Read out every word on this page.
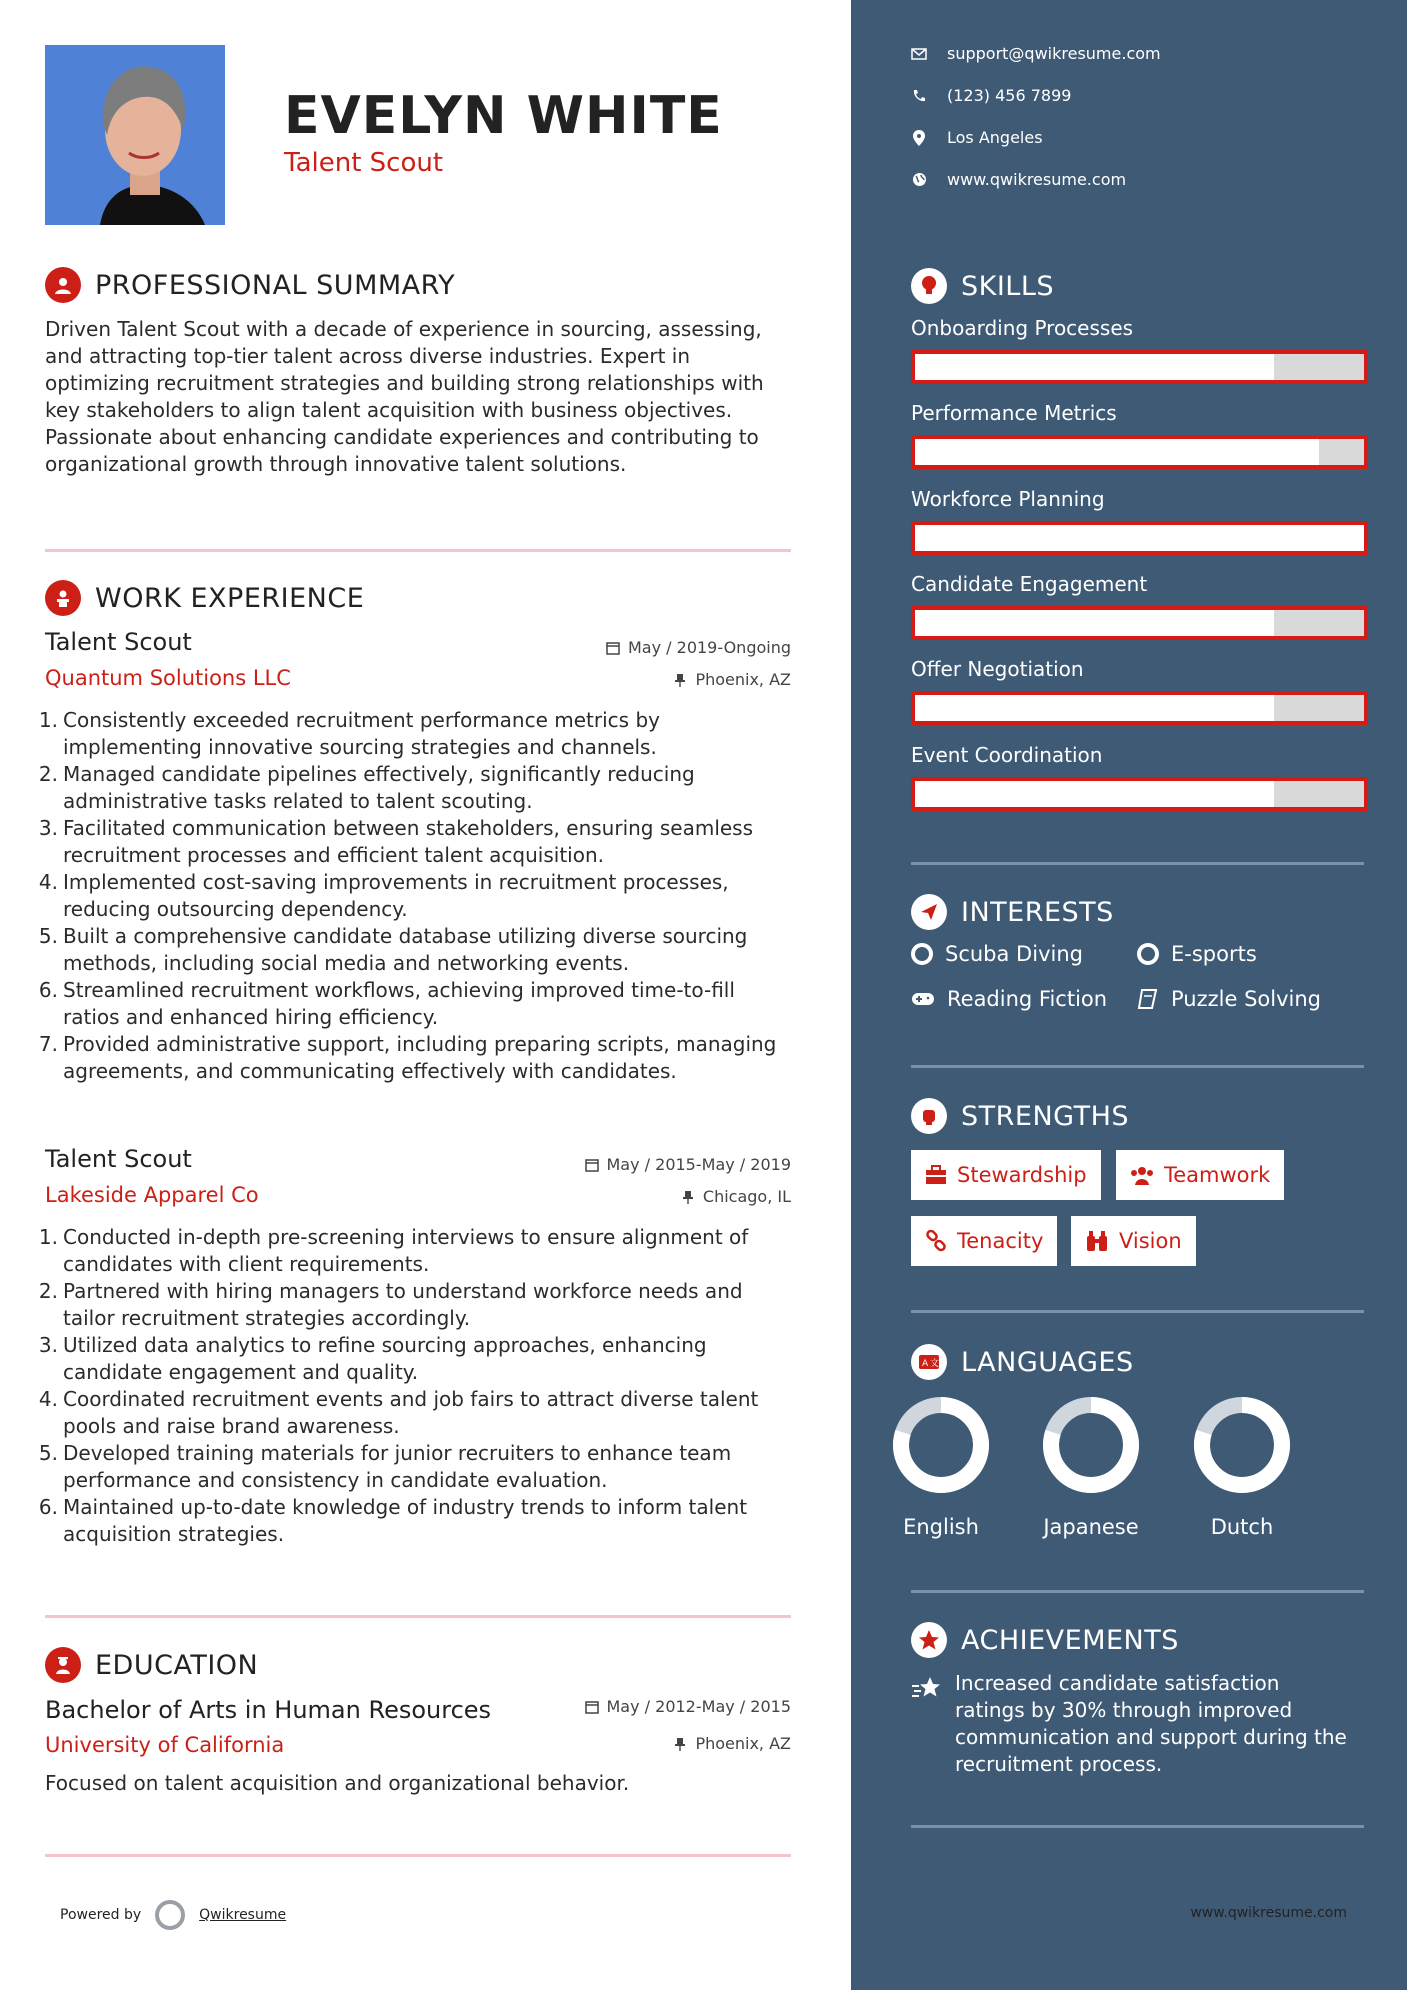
EVELYN WHITE
Talent Scout
PROFESSIONAL SUMMARY
Driven Talent Scout with a decade of experience in sourcing, assessing, and attracting top-tier talent across diverse industries. Expert in optimizing recruitment strategies and building strong relationships with key stakeholders to align talent acquisition with business objectives. Passionate about enhancing candidate experiences and contributing to organizational growth through innovative talent solutions.
WORK EXPERIENCE
Talent Scout	May / 2019-Ongoing
Quantum Solutions LLC	Phoenix, AZ
1. Consistently exceeded recruitment performance metrics by implementing innovative sourcing strategies and channels.
2. Managed candidate pipelines effectively, significantly reducing administrative tasks related to talent scouting.
3. Facilitated communication between stakeholders, ensuring seamless recruitment processes and efficient talent acquisition.
4. Implemented cost-saving improvements in recruitment processes, reducing outsourcing dependency.
5. Built a comprehensive candidate database utilizing diverse sourcing methods, including social media and networking events.
6. Streamlined recruitment workflows, achieving improved time-to-fill ratios and enhanced hiring efficiency.
7. Provided administrative support, including preparing scripts, managing agreements, and communicating effectively with candidates.
Talent Scout	May / 2015-May / 2019
Lakeside Apparel Co	Chicago, IL
1. Conducted in-depth pre-screening interviews to ensure alignment of candidates with client requirements.
2. Partnered with hiring managers to understand workforce needs and tailor recruitment strategies accordingly.
3. Utilized data analytics to refine sourcing approaches, enhancing candidate engagement and quality.
4. Coordinated recruitment events and job fairs to attract diverse talent pools and raise brand awareness.
5. Developed training materials for junior recruiters to enhance team performance and consistency in candidate evaluation.
6. Maintained up-to-date knowledge of industry trends to inform talent acquisition strategies.
EDUCATION
Bachelor of Arts in Human Resources	May / 2012-May / 2015
University of California	Phoenix, AZ
Focused on talent acquisition and organizational behavior.
Powered by	Qwikresume
support@qwikresume.com
(123) 456 7899
Los Angeles
www.qwikresume.com
SKILLS
Onboarding Processes
Performance Metrics
Workforce Planning
Candidate Engagement
Offer Negotiation
Event Coordination
INTERESTS
Scuba Diving	E-sports
Reading Fiction	Puzzle Solving
STRENGTHS
Stewardship	Teamwork
Tenacity	Vision
A 文 LANGUAGES
English	Japanese	Dutch
ACHIEVEMENTS
Increased candidate satisfaction ratings by 30% through improved communication and support during the recruitment process.
www.qwikresume.com
